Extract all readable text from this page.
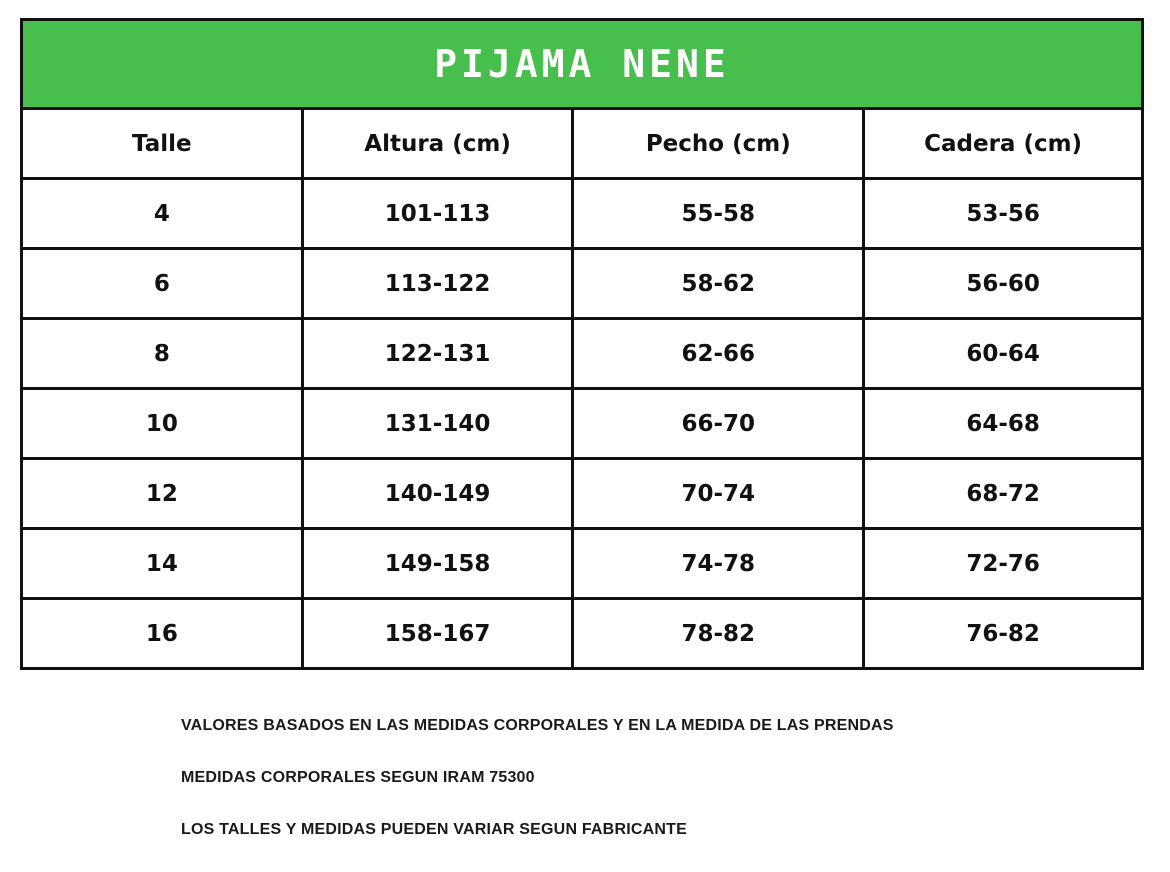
PIJAMA NENE			
Talle	Altura (cm)	Pecho (cm)	Cadera (cm)
4	101-113	55-58	53-56
6	113-122	58-62	56-60
8	122-131	62-66	60-64
10	131-140	66-70	64-68
12	140-149	70-74	68-72
14	149-158	74-78	72-76
16	158-167	78-82	76-82
VALORES BASADOS EN LAS MEDIDAS CORPORALES Y EN LA MEDIDA DE LAS PRENDAS
MEDIDAS CORPORALES SEGUN IRAM 75300
LOS TALLES Y MEDIDAS PUEDEN VARIAR SEGUN FABRICANTE
